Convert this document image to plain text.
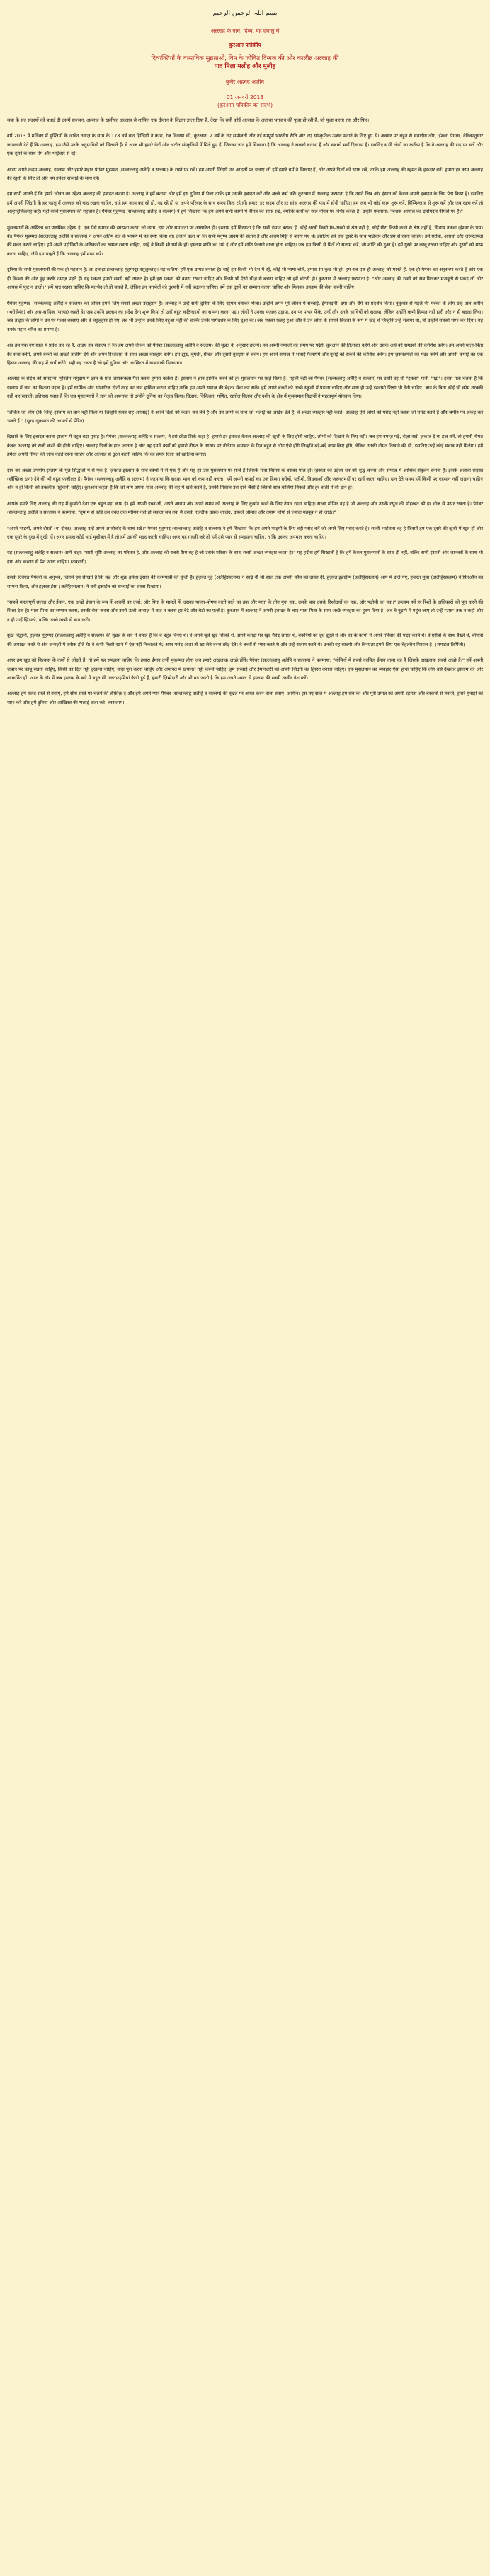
بسم اللہ الرحمن الرحیم
अल्लाह के नाम, दिव्य, यह दयालु में
कुरआन पत्रिक़ीप
दिव्यक्तियों के वास्तविक सुन्नताओं, विन के जीवित दिग्गज की ओर कालीन्न अल्लाह की
पाद निला मलीह और मुलीह
क़ुमैर अहमद अज़ीम
01 जनवरी 2013
(क़ुरआन पत्रिक़ीप का संदर्भ)

सबा के सद सदस्यों को बधाई दी उसमें सज्जन, अल्लाह के ख़लीफ़ा अल्लाह से शामिल एक दीवान के विद्वान ज्ञाता दिया है, देखा कि सही कोई अल्लाह के अलावा भगवान की पूजा हो रही है, जो पूजा करता रहा और फिर।

वर्ष 2013 में मलिका में मुस्लिमों के जावेद नवाज़ के साथ के 178 वर्ष बाद हिन्दियों ने कारा, रेज़ विवरण की, क़ुरआन, 2 वर्ष के नए सम्मेलनों और नई सम्पूर्ण भारतीय रीति और नए सांस्कृतिक उत्सव मनाने के लिए हुए थे। अवसर पर बहुत से संवादीय लोग, ईश्वर, पैगंबर, वैदिकानुसार जानकारी देते हैं कि अल्लाह, हम जैसे उनके अनुयायियों को सिखाते हैं। वे आज भी हमारे वेदों और अतीत संस्कृतियों में मिले हुए हैं, जिनका ज्ञान हमें सिखाता है कि अल्लाह ने सबको बनाया है और सबको मार्ग दिखाया है। इसलिए सभी लोगों का कर्तव्य है कि वे अल्लाह की राह पर चलें और एक दूसरे के साथ प्रेम और भाईचारे से रहें।

आइए अपने कदम अल्लाह, इस्लाम और हमारे महान पैगंबर मुहम्मद (सल्लल्लाहु अलैहि व सल्लम) के रास्ते पर रखें। हम अपनी जिंदगी उन आदर्शों पर चलाएं जो हमें हमारे धर्म ने सिखाए हैं, और अपने दिलों को साफ रखें, ताकि हम अल्लाह की रहमत के हकदार बनें। हमारा हर काम अल्लाह की खुशी के लिए हो और हम हमेशा सच्चाई के साथ रहें।

हम सभी जानते हैं कि हमारे जीवन का उद्देश्य अल्लाह की इबादत करना है। अल्लाह ने हमें बनाया और हमें इस दुनिया में भेजा ताकि हम उसकी इबादत करें और अच्छे कर्म करें। क़ुरआन में अल्लाह फ़रमाता है कि उसने जिन्न और इंसान को केवल अपनी इबादत के लिए पैदा किया है। इसलिए हमें अपनी ज़िंदगी के हर पहलू में अल्लाह को याद रखना चाहिए, चाहे हम काम कर रहे हों, पढ़ रहे हों या अपने परिवार के साथ समय बिता रहे हों। हमारा हर कदम और हर सांस अल्लाह की याद में होनी चाहिए। हम जब भी कोई काम शुरू करें, बिस्मिल्लाह से शुरू करें और जब खत्म करें तो अल्हम्दुलिल्लाह कहें। यही सच्चे मुसलमान की पहचान है। पैगंबर मुहम्मद (सल्लल्लाहु अलैहि व सल्लम) ने हमें सिखाया कि हम अपने सभी कामों में नीयत को साफ रखें, क्योंकि कर्मों का फल नीयत पर निर्भर करता है। उन्होंने फ़रमाया: "बेशक आमाल का दारोमदार नीयतों पर है।"

मुसलमानों के अस्तित्व का प्राथमिक उद्देश्य है: एक ऐसे समाज की स्थापना करना जो न्याय, दया और समानता पर आधारित हो। इस्लाम हमें सिखाता है कि सभी इंसान बराबर हैं, कोई अरबी किसी ग़ैर-अरबी से श्रेष्ठ नहीं है, कोई गोरा किसी काले से श्रेष्ठ नहीं है, सिवाय तक़वा (ईश्वर के भय) के। पैगंबर मुहम्मद (सल्लल्लाहु अलैहि व सल्लम) ने अपने अंतिम हज के भाषण में यह स्पष्ट किया था। उन्होंने कहा था कि सभी मनुष्य आदम की संतान हैं और आदम मिट्टी से बनाए गए थे। इसलिए हमें एक दूसरे के साथ भाईचारे और प्रेम से रहना चाहिए। हमें ग़रीबों, अनाथों और ज़रूरतमंदों की मदद करनी चाहिए। हमें अपने पड़ोसियों के अधिकारों का ख्याल रखना चाहिए, चाहे वे किसी भी धर्म के हों। इस्लाम शांति का धर्म है और हमें शांति फैलाने वाला होना चाहिए। जब हम किसी से मिलें तो सलाम करें, जो शांति की दुआ है। हमें गुस्से पर काबू रखना चाहिए और दूसरों को माफ करना चाहिए, जैसे हम चाहते हैं कि अल्लाह हमें माफ करे।

दुनिया के सभी मुसलमानों की एक ही पहचान है: ला इलाहा इल्लल्लाह मुहम्मदुर रसूलुल्लाह। यह कलिमा हमें एक उम्मत बनाता है। चाहे हम किसी भी देश में रहें, कोई भी भाषा बोलें, हमारा रंग कुछ भी हो, हम सब एक ही अल्लाह को मानते हैं, एक ही पैगंबर का अनुसरण करते हैं और एक ही क़िब्ला की ओर मुंह करके नमाज़ पढ़ते हैं। यह एकता हमारी सबसे बड़ी ताकत है। हमें इस एकता को बनाए रखना चाहिए और किसी भी ऐसी चीज़ से बचना चाहिए जो हमें बांटती हो। क़ुरआन में अल्लाह फ़रमाता है: "और अल्लाह की रस्सी को सब मिलकर मज़बूती से पकड़ लो और आपस में फूट न डालो।" हमें याद रखना चाहिए कि मतभेद तो हो सकते हैं, लेकिन इन मतभेदों को दुश्मनी में नहीं बदलना चाहिए। हमें एक दूसरे का सम्मान करना चाहिए और मिलकर इस्लाम की सेवा करनी चाहिए।

पैगंबर मुहम्मद (सल्लल्लाहु अलैहि व सल्लम) का जीवन हमारे लिए सबसे अच्छा उदाहरण है। अल्लाह ने उन्हें सारी दुनिया के लिए रहमत बनाकर भेजा। उन्होंने अपने पूरे जीवन में सच्चाई, ईमानदारी, दया और धैर्य का प्रदर्शन किया। नुबुव्वत से पहले भी मक्का के लोग उन्हें अल-अमीन (भरोसेमंद) और अस-सादिक़ (सच्चा) कहते थे। जब उन्होंने इस्लाम का संदेश देना शुरू किया तो उन्हें बहुत कठिनाइयों का सामना करना पड़ा। लोगों ने उनका मज़ाक उड़ाया, उन पर पत्थर फेंके, उन्हें और उनके साथियों को सताया, लेकिन उन्होंने कभी हिम्मत नहीं हारी और न ही बदला लिया। जब ताइफ़ के लोगों ने उन पर पत्थर बरसाए और वे लहूलुहान हो गए, तब भी उन्होंने उनके लिए बद्दुआ नहीं की बल्कि उनके मार्गदर्शन के लिए दुआ की। जब मक्का फ़तह हुआ और वे उन लोगों के सामने विजेता के रूप में खड़े थे जिन्होंने उन्हें सताया था, तो उन्होंने सबको माफ कर दिया। यह उनके महान चरित्र का प्रमाण है।

अब हम एक नए साल में प्रवेश कर रहे हैं, आइए हम संकल्प लें कि हम अपने जीवन को पैगंबर (सल्लल्लाहु अलैहि व सल्लम) की सुन्नत के अनुसार ढालेंगे। हम अपनी नमाज़ों को समय पर पढ़ेंगे, क़ुरआन की तिलावत करेंगे और उसके अर्थ को समझने की कोशिश करेंगे। हम अपने माता-पिता की सेवा करेंगे, अपने बच्चों को अच्छी तालीम देंगे और अपने रिश्तेदारों के साथ अच्छा व्यवहार करेंगे। हम झूठ, चुगली, ग़ीबत और दूसरी बुराइयों से बचेंगे। हम अपने समाज में भलाई फैलाएंगे और बुराई को रोकने की कोशिश करेंगे। हम ज़रूरतमंदों की मदद करेंगे और अपनी कमाई का एक हिस्सा अल्लाह की राह में खर्च करेंगे। यही वह रास्ता है जो हमें दुनिया और आख़िरत में कामयाबी दिलाएगा।

अल्लाह के संदेश को समझना, मुस्लिम समुदाय में ज्ञान के प्रति जागरूकता पैदा करना हमारा कर्तव्य है। इस्लाम ने ज्ञान हासिल करने को हर मुसलमान पर फ़र्ज़ किया है। पहली वही जो पैगंबर (सल्लल्लाहु अलैहि व सल्लम) पर उतरी वह थी "इक़रा" यानी "पढ़ो"। इससे पता चलता है कि इस्लाम में ज्ञान का कितना महत्व है। हमें धार्मिक और सांसारिक दोनों तरह का ज्ञान हासिल करना चाहिए ताकि हम अपने समाज की बेहतर सेवा कर सकें। हमें अपने बच्चों को अच्छे स्कूलों में पढ़ाना चाहिए और साथ ही उन्हें इस्लामी शिक्षा भी देनी चाहिए। ज्ञान के बिना कोई भी क़ौम तरक्की नहीं कर सकती। इतिहास गवाह है कि जब मुसलमानों ने ज्ञान को अपनाया तो उन्होंने दुनिया का नेतृत्व किया। विज्ञान, चिकित्सा, गणित, खगोल विज्ञान और दर्शन के क्षेत्र में मुसलमान विद्वानों ने महत्वपूर्ण योगदान दिया।

"लेकिन जो लोग (कि जिन्हें इस्लाम का ज्ञान नहीं मिला या जिन्होंने ग़लत राह अपनाई) वे अपने दिलों को कठोर कर लेते हैं और उन लोगों के साथ जो भलाई का आदेश देते हैं, वे अच्छा व्यवहार नहीं करते। अल्लाह ऐसे लोगों को पसंद नहीं करता जो घमंड करते हैं और ज़मीन पर अकड़ कर चलते हैं।" (सूरह लुक़मान की आयतों से प्रेरित)

दिखावे के लिए इबादत करना इस्लाम में बहुत बड़ा गुनाह है। पैगंबर (सल्लल्लाहु अलैहि व सल्लम) ने इसे छोटा शिर्क कहा है। हमारी हर इबादत केवल अल्लाह की खुशी के लिए होनी चाहिए, लोगों को दिखाने के लिए नहीं। जब हम नमाज़ पढ़ें, रोज़ा रखें, ज़कात दें या हज करें, तो हमारी नीयत केवल अल्लाह को राज़ी करने की होनी चाहिए। अल्लाह दिलों के हाल जानता है और वह हमारे कर्मों को हमारी नीयत के आधार पर तौलेगा। क़यामत के दिन बहुत से लोग ऐसे होंगे जिन्होंने बड़े-बड़े काम किए होंगे, लेकिन उनकी नीयत दिखावे की थी, इसलिए उन्हें कोई सवाब नहीं मिलेगा। हमें हमेशा अपनी नीयत की जांच करते रहना चाहिए और अल्लाह से दुआ करनी चाहिए कि वह हमारे दिलों को ख़ालिस बनाए।

दान का अच्छा उपयोग इस्लाम के मूल सिद्धांतों में से एक है। ज़कात इस्लाम के पांच स्तंभों में से एक है और यह हर उस मुसलमान पर फ़र्ज़ है जिसके पास निसाब के बराबर माल हो। ज़कात का उद्देश्य धन को शुद्ध करना और समाज में आर्थिक संतुलन बनाना है। इसके अलावा सदक़ा (स्वैच्छिक दान) देने की भी बहुत फ़ज़ीलत है। पैगंबर (सल्लल्लाहु अलैहि व सल्लम) ने फ़रमाया कि सदक़ा माल को कम नहीं करता। हमें अपनी कमाई का एक हिस्सा ग़रीबों, यतीमों, विधवाओं और ज़रूरतमंदों पर खर्च करना चाहिए। दान देते समय हमें किसी पर एहसान नहीं जताना चाहिए और न ही किसी को तकलीफ़ पहुंचानी चाहिए। क़ुरआन कहता है कि जो लोग अपना माल अल्लाह की राह में खर्च करते हैं, उनकी मिसाल उस दाने जैसी है जिससे सात बालियां निकलें और हर बाली में सौ दाने हों।

आपके हमारे लिए अल्लाह की राह में कुर्बानी देना एक बहुत बड़ा काम है। हमें अपनी इच्छाओं, अपने आराम और अपने समय को अल्लाह के लिए कुर्बान करने के लिए तैयार रहना चाहिए। सच्चा मोमिन वह है जो अल्लाह और उसके रसूल की मोहब्बत को हर चीज़ से ऊपर रखता है। पैगंबर (सल्लल्लाहु अलैहि व सल्लम) ने फ़रमाया: "तुम में से कोई उस वक्त तक मोमिन नहीं हो सकता जब तक मैं उसके नज़दीक उसके वालिद, उसकी औलाद और तमाम लोगों से ज़्यादा महबूब न हो जाऊं।"

"अपने भाइयों, अपने दोस्तों (या दोस्त), अल्लाह उन्हें अपने आशीर्वाद के साथ रखे।" पैगंबर मुहम्मद (सल्लल्लाहु अलैहि व सल्लम) ने हमें सिखाया कि हम अपने भाइयों के लिए वही पसंद करें जो अपने लिए पसंद करते हैं। सच्ची भाईचारा वह है जिसमें हम एक दूसरे की खुशी में खुश हों और एक दूसरे के दुख में दुखी हों। अगर हमारा कोई भाई मुसीबत में है तो हमें उसकी मदद करनी चाहिए। अगर वह ग़लती करे तो हमें उसे प्यार से समझाना चाहिए, न कि उसका अपमान करना चाहिए।

यह (सल्लल्लाहु अलैहि व सल्लम) आगे कहा: "सारी सृष्टि अल्लाह का परिवार है, और अल्लाह को सबसे प्रिय वह है जो उसके परिवार के साथ सबसे अच्छा व्यवहार करता है।" यह हदीस हमें सिखाती है कि हमें केवल मुसलमानों के साथ ही नहीं, बल्कि सभी इंसानों और जानवरों के साथ भी दया और करुणा से पेश आना चाहिए। (तबरानी)

उसके दिवंगत पैगंबरों के अनुभव, जिनसे हम सीखते हैं कि सब्र और शुक्र हमेशा इंसान की कामयाबी की कुंजी हैं। हज़रत नूह (अलैहिस्सलाम) ने साढ़े नौ सौ साल तक अपनी क़ौम को दावत दी, हज़रत इब्राहीम (अलैहिस्सलाम) आग में डाले गए, हज़रत मूसा (अलैहिस्सलाम) ने फ़िरऔन का सामना किया, और हज़रत ईसा (अलैहिस्सलाम) ने बनी इस्राईल को सच्चाई का रास्ता दिखाया।

"सबसे महत्वपूर्ण सलाह और ईमान, एक अच्छे इंसान के रूप में आदमी का दर्जा: और पिता के मामले में, उसका पालन-पोषण करने वाले का हक़ और माता के तीन गुना हक़, उसके बाद उसके रिश्तेदारों का हक़, और पड़ोसी का हक़।" इस्लाम हमें हर रिश्ते के अधिकारों को पूरा करने की शिक्षा देता है। माता-पिता का सम्मान करना, उनकी सेवा करना और उनसे ऊंची आवाज़ में बात न करना हर बेटे और बेटी का फ़र्ज़ है। क़ुरआन में अल्लाह ने अपनी इबादत के बाद माता-पिता के साथ अच्छे व्यवहार का हुक्म दिया है। जब वे बुढ़ापे में पहुंच जाएं तो उन्हें "उफ़" तक न कहो और न ही उन्हें झिड़को, बल्कि उनसे नरमी से बात करो।

कुछ विद्वानों, हज़रत मुहम्मद (सल्लल्लाहु अलैहि व सल्लम) की सुन्नत के बारे में बताते हैं कि वे बहुत विनम्र थे। वे अपने जूते खुद सिलते थे, अपने कपड़ों पर खुद पैवंद लगाते थे, बकरियों का दूध दुहते थे और घर के कामों में अपने परिवार की मदद करते थे। वे ग़रीबों के साथ बैठते थे, बीमारों की अयादत करते थे और जनाज़ों में शरीक होते थे। वे कभी किसी खाने में ऐब नहीं निकालते थे; अगर पसंद आता तो खा लेते वरना छोड़ देते। वे बच्चों से प्यार करते थे और उन्हें सलाम करते थे। उनकी यह सादगी और विनम्रता हमारे लिए एक बेहतरीन मिसाल है। (शमाइल तिर्मिज़ी)

अगर हम खुद को विश्वास के कर्मों से जोड़ते हैं, तो हमें यह समझना चाहिए कि हमारा ईमान तभी मुकम्मल होगा जब हमारे अख़लाक़ अच्छे होंगे। पैगंबर (सल्लल्लाहु अलैहि व सल्लम) ने फ़रमाया: "मोमिनों में सबसे कामिल ईमान वाला वह है जिसके अख़लाक़ सबसे अच्छे हैं।" हमें अपनी ज़बान पर क़ाबू रखना चाहिए, किसी का दिल नहीं दुखाना चाहिए, वादा पूरा करना चाहिए और अमानत में ख़यानत नहीं करनी चाहिए। हमें सच्चाई और ईमानदारी को अपनी ज़िंदगी का हिस्सा बनाना चाहिए। एक मुसलमान का व्यवहार ऐसा होना चाहिए कि लोग उसे देखकर इस्लाम की ओर आकर्षित हों। आज के दौर में जब इस्लाम के बारे में बहुत सी ग़लतफ़हमियां फैली हुई हैं, हमारी ज़िम्मेदारी और भी बढ़ जाती है कि हम अपने अमल से इस्लाम की सच्ची तस्वीर पेश करें।

अल्लाह हमें ग़लत रास्ते से बचाए, हमें सीधे रास्ते पर चलने की तौफ़ीक़ दे और हमें अपने प्यारे पैगंबर (सल्लल्लाहु अलैहि व सल्लम) की सुन्नत पर अमल करने वाला बनाए। आमीन। इस नए साल में अल्लाह हम सब को और पूरी उम्मत को अपनी रहमतों और बरकतों से नवाज़े, हमारे गुनाहों को माफ़ करे और हमें दुनिया और आख़िरत की भलाई अता करे। वस्सलाम।
